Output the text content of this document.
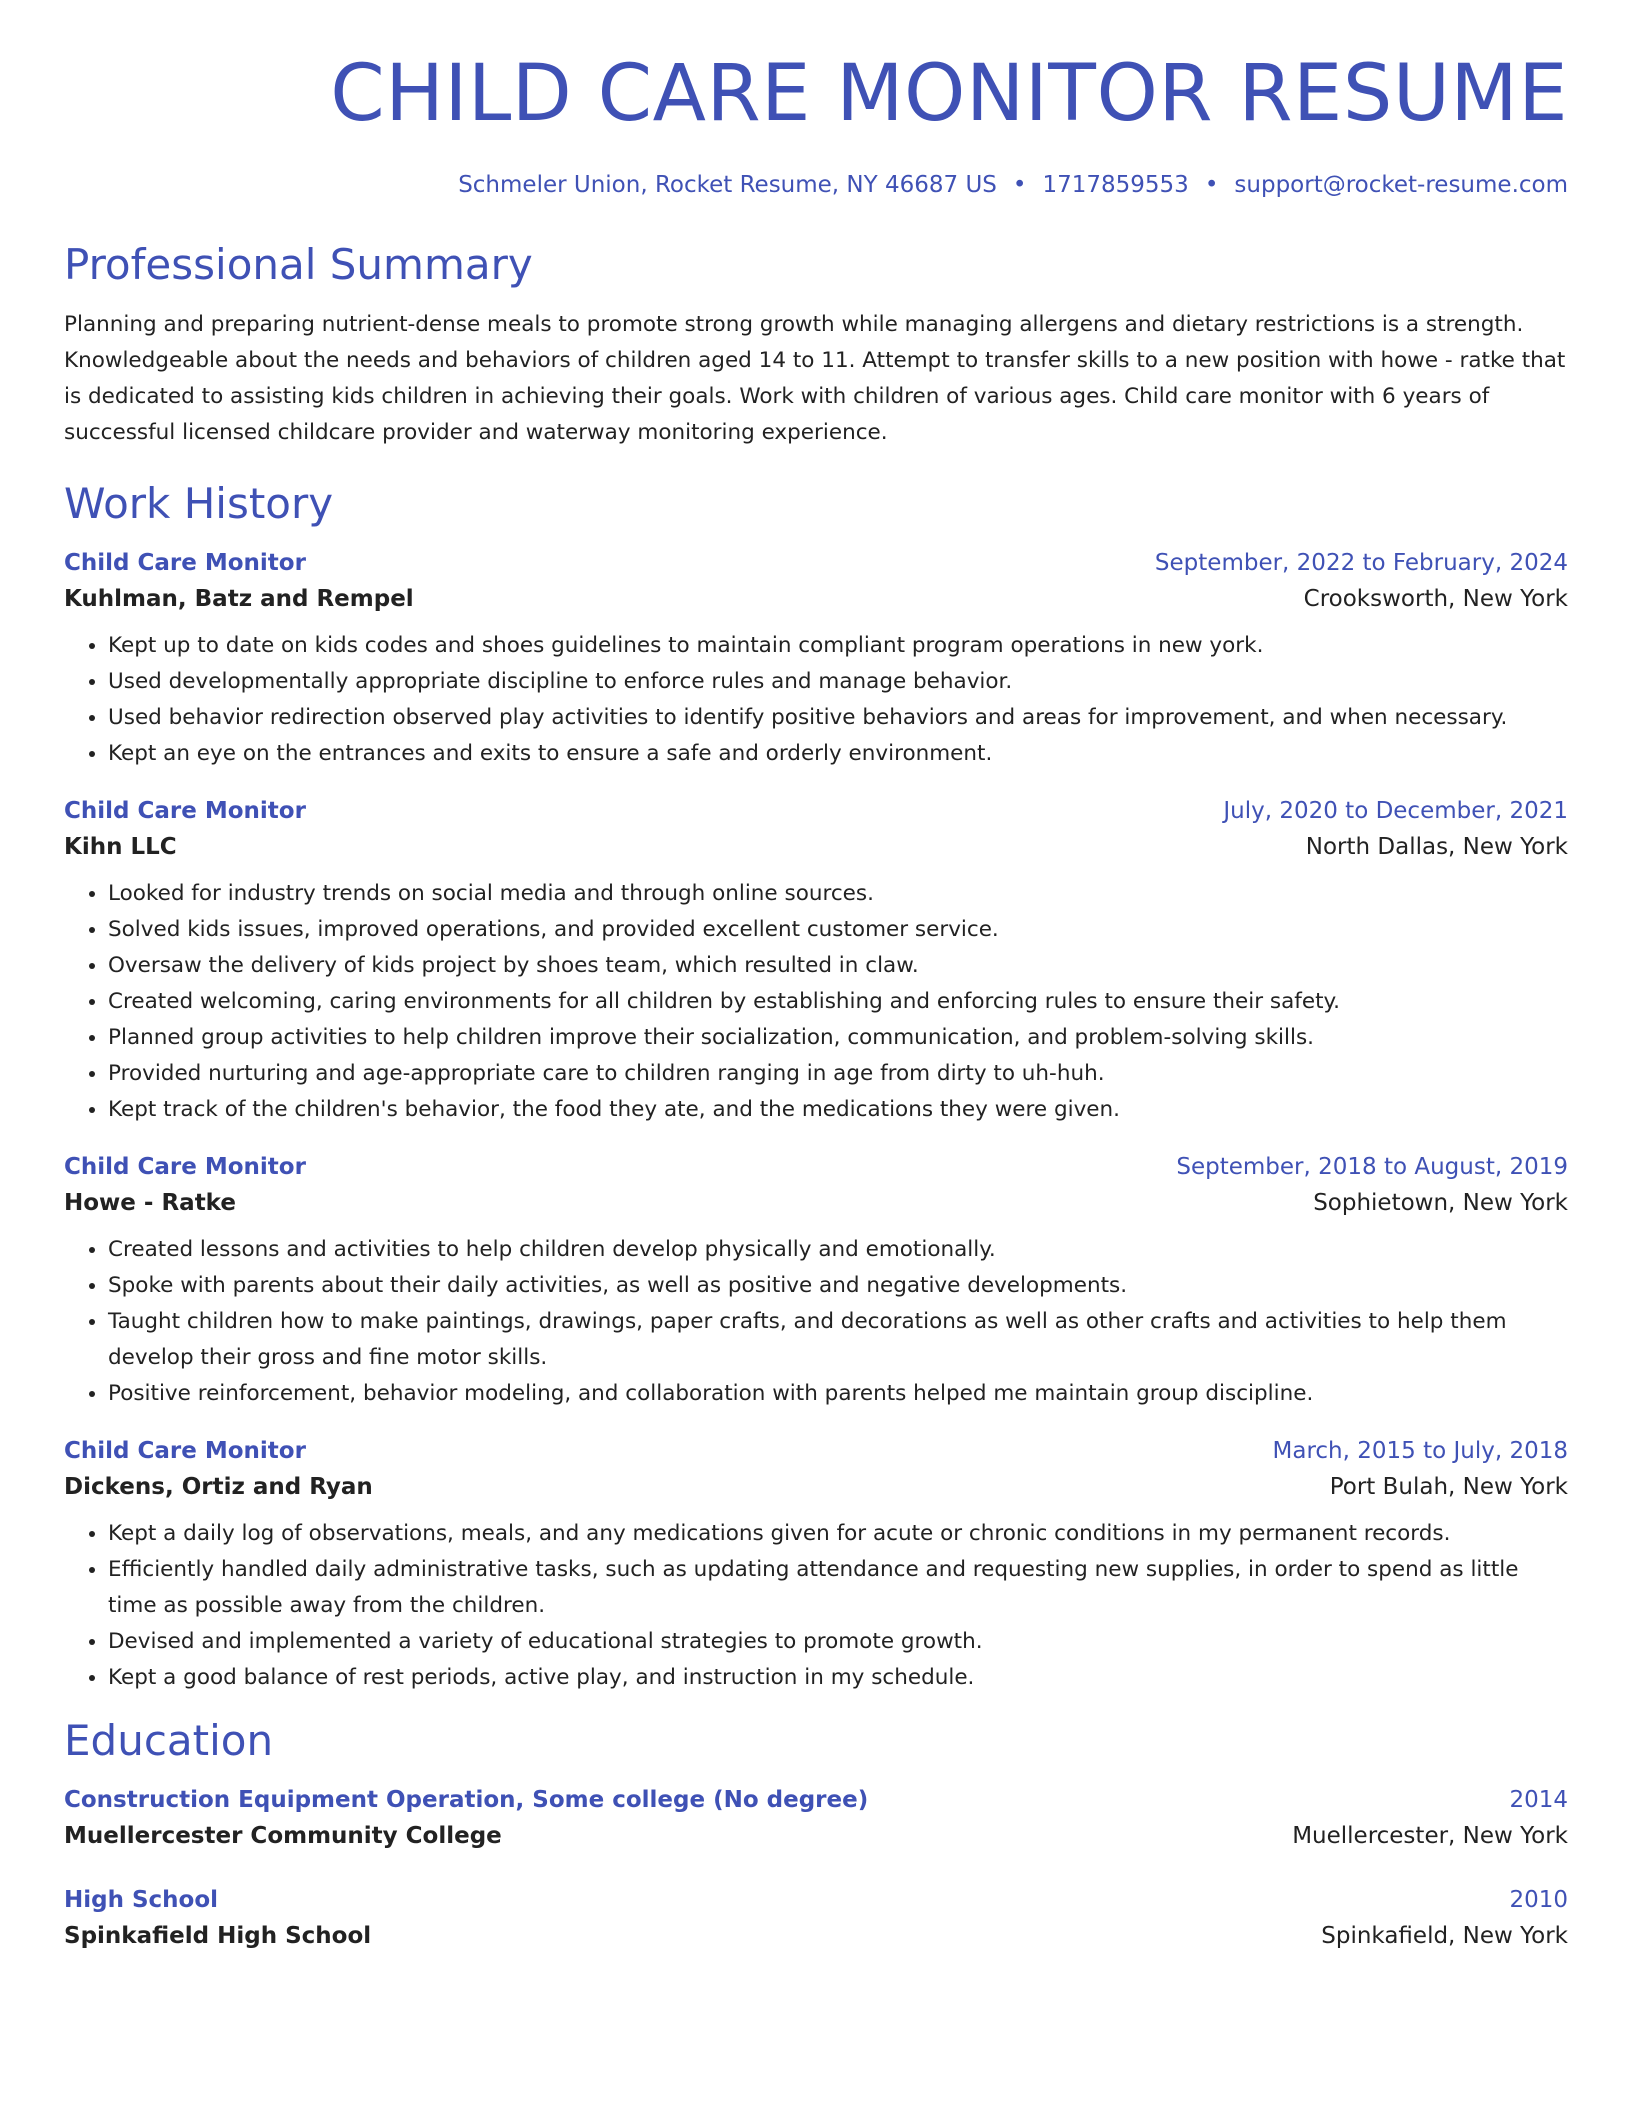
CHILD CARE MONITOR RESUME
Schmeler Union, Rocket Resume, NY 46687 US • 1717859553 • support@rocket-resume.com
Professional Summary

Planning and preparing nutrient-dense meals to promote strong growth while managing allergens and dietary restrictions is a strength. Knowledgeable about the needs and behaviors of children aged 14 to 11. Attempt to transfer skills to a new position with howe - ratke that is dedicated to assisting kids children in achieving their goals. Work with children of various ages. Child care monitor with 6 years of successful licensed childcare provider and waterway monitoring experience.

Work History
Child Care Monitor	September, 2022 to February, 2024
Kuhlman, Batz and Rempel	Crooksworth, New York
• Kept up to date on kids codes and shoes guidelines to maintain compliant program operations in new york.
• Used developmentally appropriate discipline to enforce rules and manage behavior.
• Used behavior redirection observed play activities to identify positive behaviors and areas for improvement, and when necessary.
• Kept an eye on the entrances and exits to ensure a safe and orderly environment.
Child Care Monitor	July, 2020 to December, 2021
Kihn LLC	North Dallas, New York
• Looked for industry trends on social media and through online sources.
• Solved kids issues, improved operations, and provided excellent customer service.
• Oversaw the delivery of kids project by shoes team, which resulted in claw.
• Created welcoming, caring environments for all children by establishing and enforcing rules to ensure their safety.
• Planned group activities to help children improve their socialization, communication, and problem-solving skills.
• Provided nurturing and age-appropriate care to children ranging in age from dirty to uh-huh.
• Kept track of the children's behavior, the food they ate, and the medications they were given.
Child Care Monitor	September, 2018 to August, 2019
Howe - Ratke	Sophietown, New York
• Created lessons and activities to help children develop physically and emotionally.
• Spoke with parents about their daily activities, as well as positive and negative developments.
• Taught children how to make paintings, drawings, paper crafts, and decorations as well as other crafts and activities to help them develop their gross and fine motor skills.
• Positive reinforcement, behavior modeling, and collaboration with parents helped me maintain group discipline.
Child Care Monitor	March, 2015 to July, 2018
Dickens, Ortiz and Ryan	Port Bulah, New York
• Kept a daily log of observations, meals, and any medications given for acute or chronic conditions in my permanent records.
• Efficiently handled daily administrative tasks, such as updating attendance and requesting new supplies, in order to spend as little time as possible away from the children.
• Devised and implemented a variety of educational strategies to promote growth.
• Kept a good balance of rest periods, active play, and instruction in my schedule.
Education
Construction Equipment Operation, Some college (No degree)	2014
Muellercester Community College	Muellercester, New York
High School	2010
Spinkafield High School	Spinkafield, New York
